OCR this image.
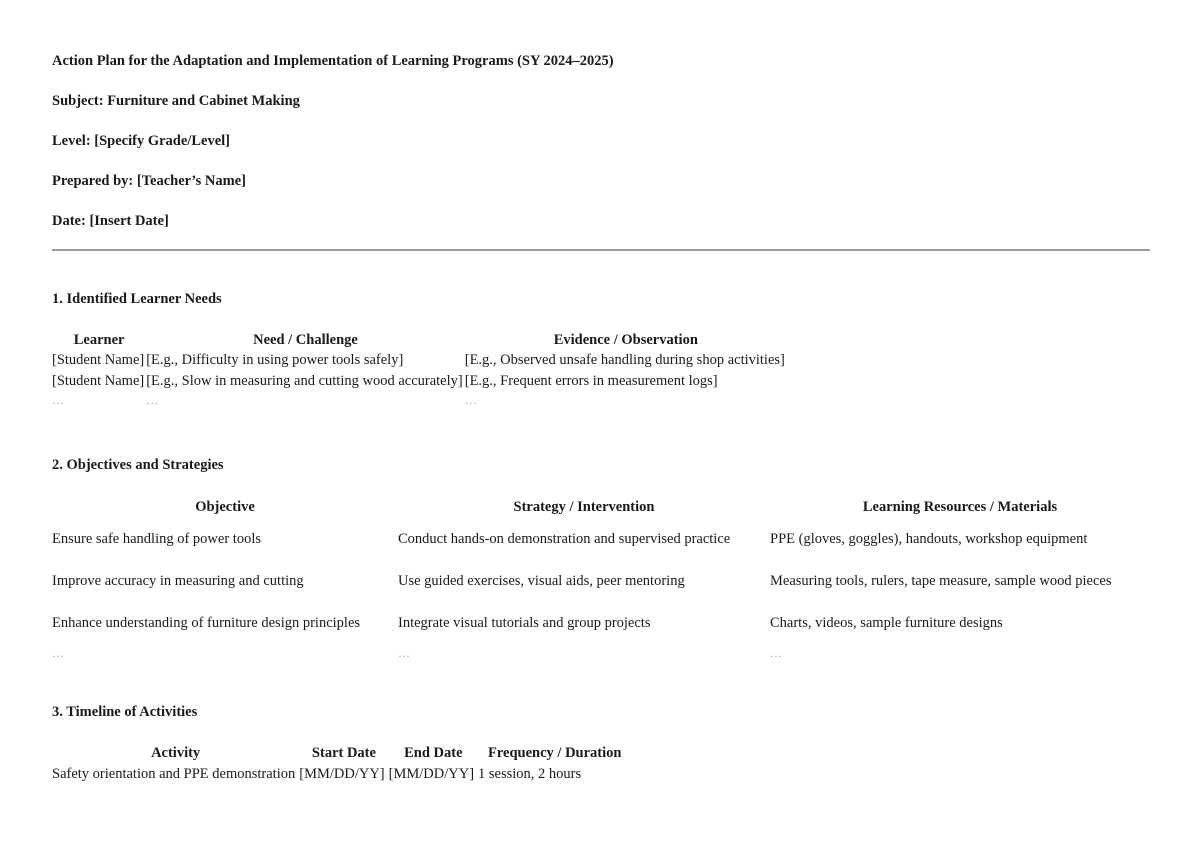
Action Plan for the Adaptation and Implementation of Learning Programs (SY 2024–2025)
Subject: Furniture and Cabinet Making
Level: [Specify Grade/Level]
Prepared by: [Teacher’s Name]
Date: [Insert Date]
1. Identified Learner Needs
Learner	Need / Challenge	Evidence / Observation
[Student Name]	[E.g., Difficulty in using power tools safely]	[E.g., Observed unsafe handling during shop activities]
[Student Name]	[E.g., Slow in measuring and cutting wood accurately]	[E.g., Frequent errors in measurement logs]
…	…	…
2. Objectives and Strategies
Objective	Strategy / Intervention	Learning Resources / Materials
Ensure safe handling of power tools	Conduct hands-on demonstration and supervised practice	PPE (gloves, goggles), handouts, workshop equipment
Improve accuracy in measuring and cutting	Use guided exercises, visual aids, peer mentoring	Measuring tools, rulers, tape measure, sample wood pieces
Enhance understanding of furniture design principles	Integrate visual tutorials and group projects	Charts, videos, sample furniture designs
…	…	…
3. Timeline of Activities
Activity	Start Date	End Date	Frequency / Duration
Safety orientation and PPE demonstration	[MM/DD/YY]	[MM/DD/YY]	1 session, 2 hours
